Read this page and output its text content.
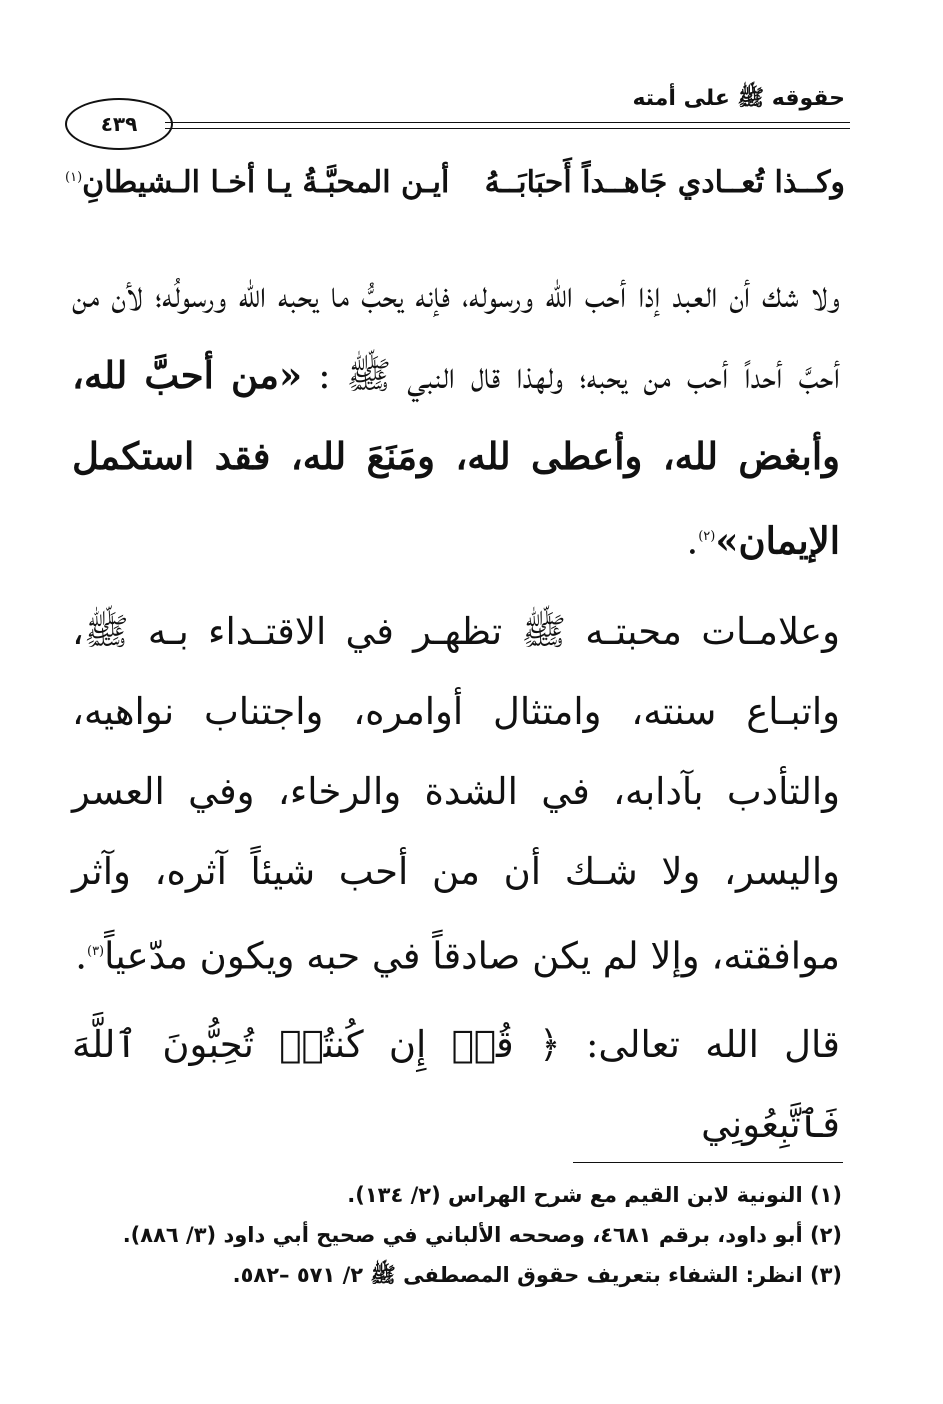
حقوقه ﷺ على أمته
٤٣٩
وكــذا تُعــادي جَاهــداً أَحبَابَــهُ
أيـن المحبَّـةُ يـا أخـا الـشيطانِ$^{(١)}$
ولا شك أن العبد إذا أحب الله ورسوله، فإنه يحبُّ ما يحبه الله ورسولُه؛ لأن من أحبَّ أحداً أحب من يحبه؛ ولهذا قال النبي ﷺ : «من أحبَّ لله، وأبغض لله، وأعطى لله، ومَنَعَ لله، فقد استكمل الإيمان»$^{(٢)}$.
وعلامـات محبتـه ﷺ تظهـر في الاقتـداء بـه ﷺ، واتبـاع سنته، وامتثال أوامره، واجتناب نواهيه، والتأدب بآدابه، في الشدة والرخاء، وفي العسر واليسر، ولا شـك أن من أحب شيئاً آثره، وآثر موافقته، وإلا لم يكن صادقاً في حبه ويكون مدّعياً$^{(٣)}$.
قال الله تعالى: ﴿ قُلۡ إِن كُنتُمۡ تُحِبُّونَ ٱللَّهَ فَٱتَّبِعُونِي
(١) النونية لابن القيم مع شرح الهراس (٢/ ١٣٤).
(٢) أبو داود، برقم ٤٦٨١، وصححه الألباني في صحيح أبي داود (٣/ ٨٨٦).
(٣) انظر: الشفاء بتعريف حقوق المصطفى ﷺ ٢/ ٥٧١ –٥٨٢.
